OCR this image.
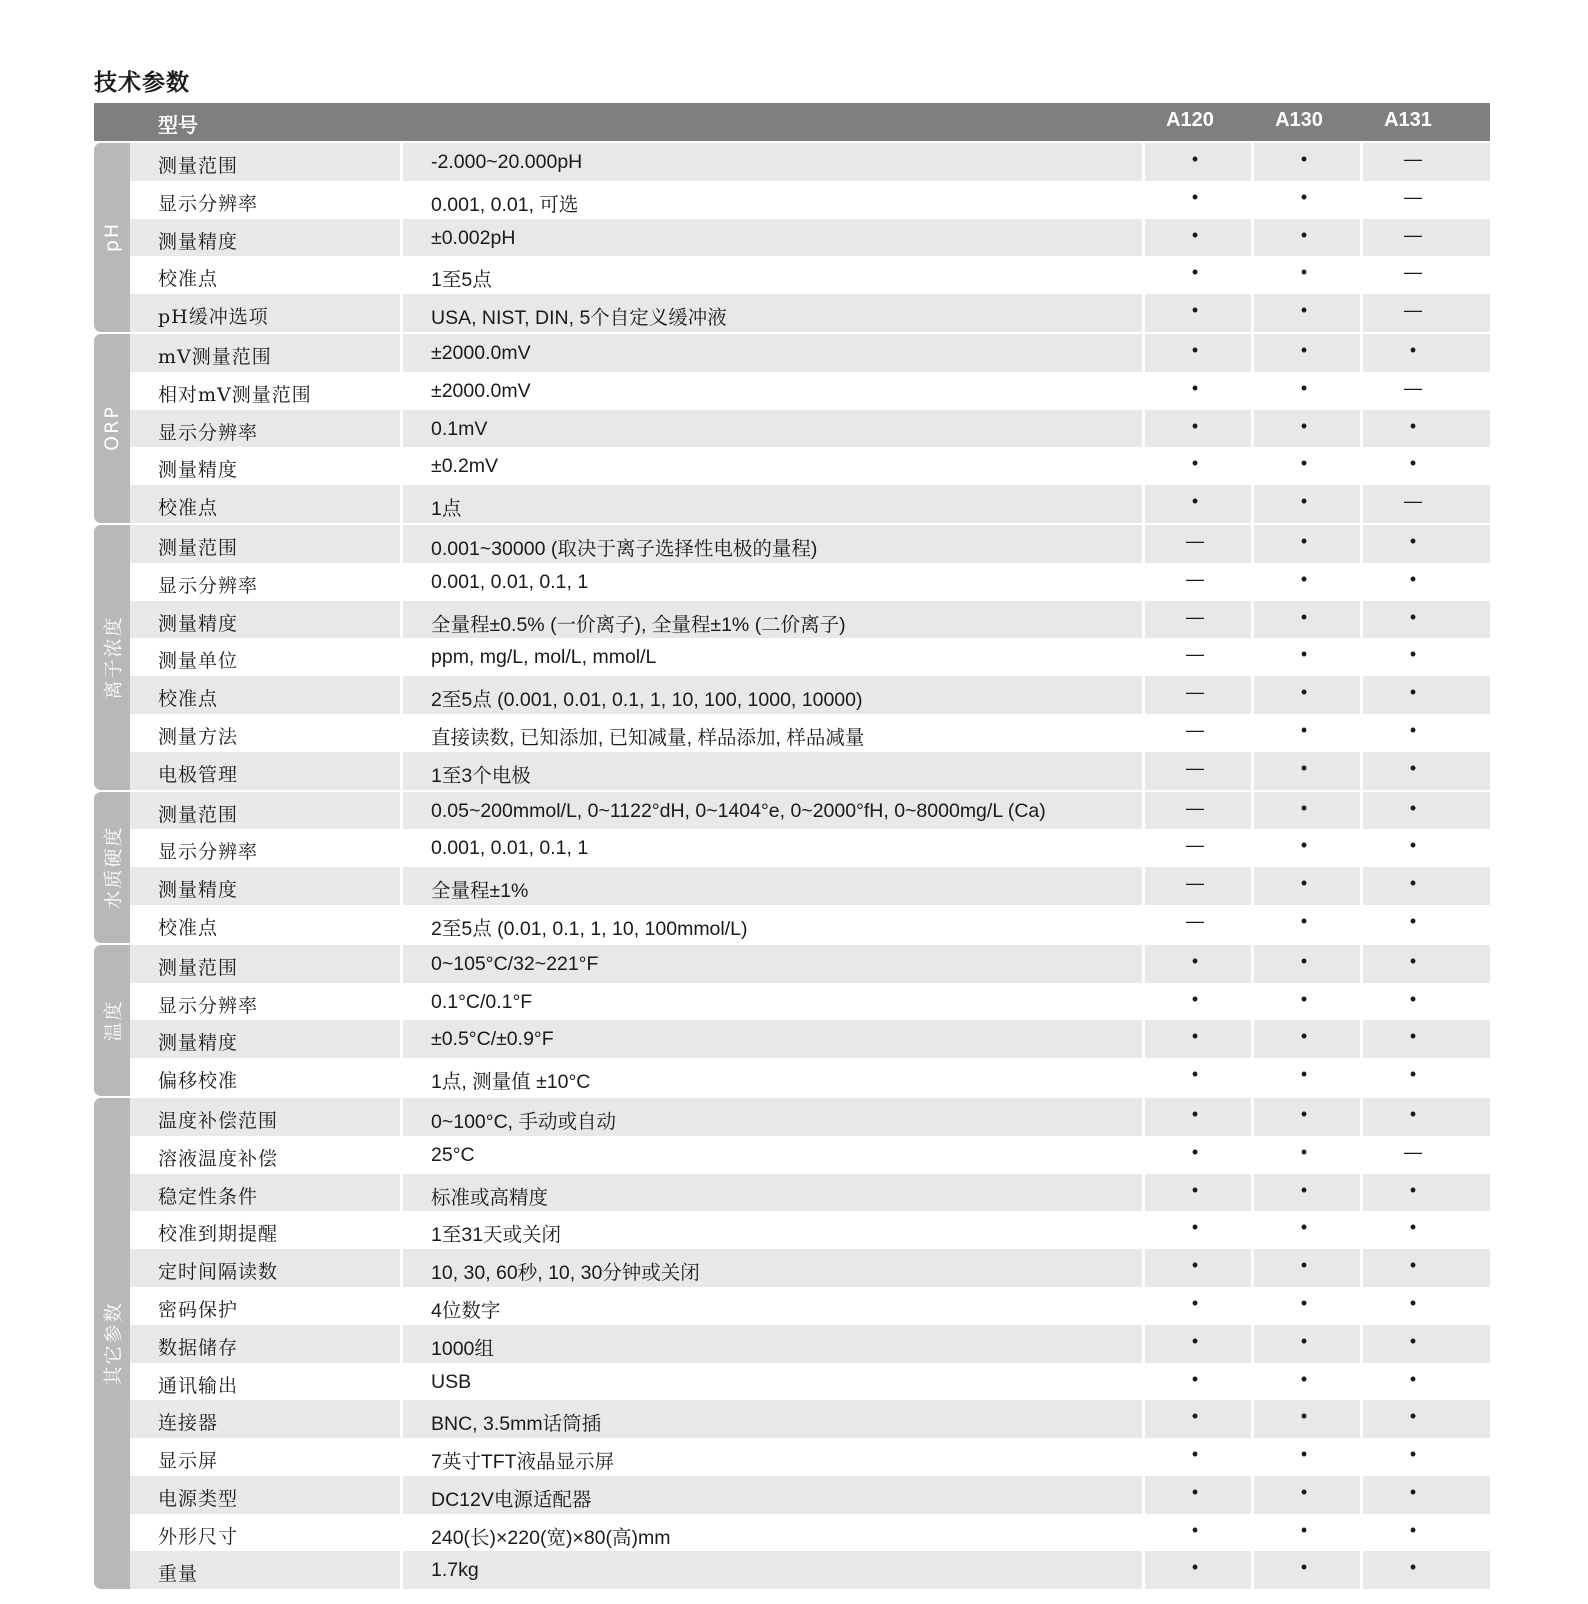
技术参数
型号	A120	A130	A131
pH
测量范围	-2.000~20.000pH	•	•	—
显示分辨率	0.001, 0.01, 可选	•	•	—
测量精度	±0.002pH	•	•	—
校准点	1至5点	•	•	—
pH缓冲选项	USA, NIST, DIN, 5个自定义缓冲液	•	•	—
ORP
mV测量范围	±2000.0mV	•	•	•
相对mV测量范围	±2000.0mV	•	•	—
显示分辨率	0.1mV	•	•	•
测量精度	±0.2mV	•	•	•
校准点	1点	•	•	—
离子浓度
测量范围	0.001~30000 (取决于离子选择性电极的量程)	—	•	•
显示分辨率	0.001, 0.01, 0.1, 1	—	•	•
测量精度	全量程±0.5% (一价离子), 全量程±1% (二价离子)	—	•	•
测量单位	ppm, mg/L, mol/L, mmol/L	—	•	•
校准点	2至5点 (0.001, 0.01, 0.1, 1, 10, 100, 1000, 10000)	—	•	•
测量方法	直接读数, 已知添加, 已知减量, 样品添加, 样品减量	—	•	•
电极管理	1至3个电极	—	•	•
水质硬度
测量范围	0.05~200mmol/L, 0~1122°dH, 0~1404°e, 0~2000°fH, 0~8000mg/L (Ca)	—	•	•
显示分辨率	0.001, 0.01, 0.1, 1	—	•	•
测量精度	全量程±1%	—	•	•
校准点	2至5点 (0.01, 0.1, 1, 10, 100mmol/L)	—	•	•
温度
测量范围	0~105°C/32~221°F	•	•	•
显示分辨率	0.1°C/0.1°F	•	•	•
测量精度	±0.5°C/±0.9°F	•	•	•
偏移校准	1点, 测量值 ±10°C	•	•	•
其它参数
温度补偿范围	0~100°C, 手动或自动	•	•	•
溶液温度补偿	25°C	•	•	—
稳定性条件	标准或高精度	•	•	•
校准到期提醒	1至31天或关闭	•	•	•
定时间隔读数	10, 30, 60秒, 10, 30分钟或关闭	•	•	•
密码保护	4位数字	•	•	•
数据储存	1000组	•	•	•
通讯输出	USB	•	•	•
连接器	BNC, 3.5mm话筒插	•	•	•
显示屏	7英寸TFT液晶显示屏	•	•	•
电源类型	DC12V电源适配器	•	•	•
外形尺寸	240(长)×220(宽)×80(高)mm	•	•	•
重量	1.7kg	•	•	•
